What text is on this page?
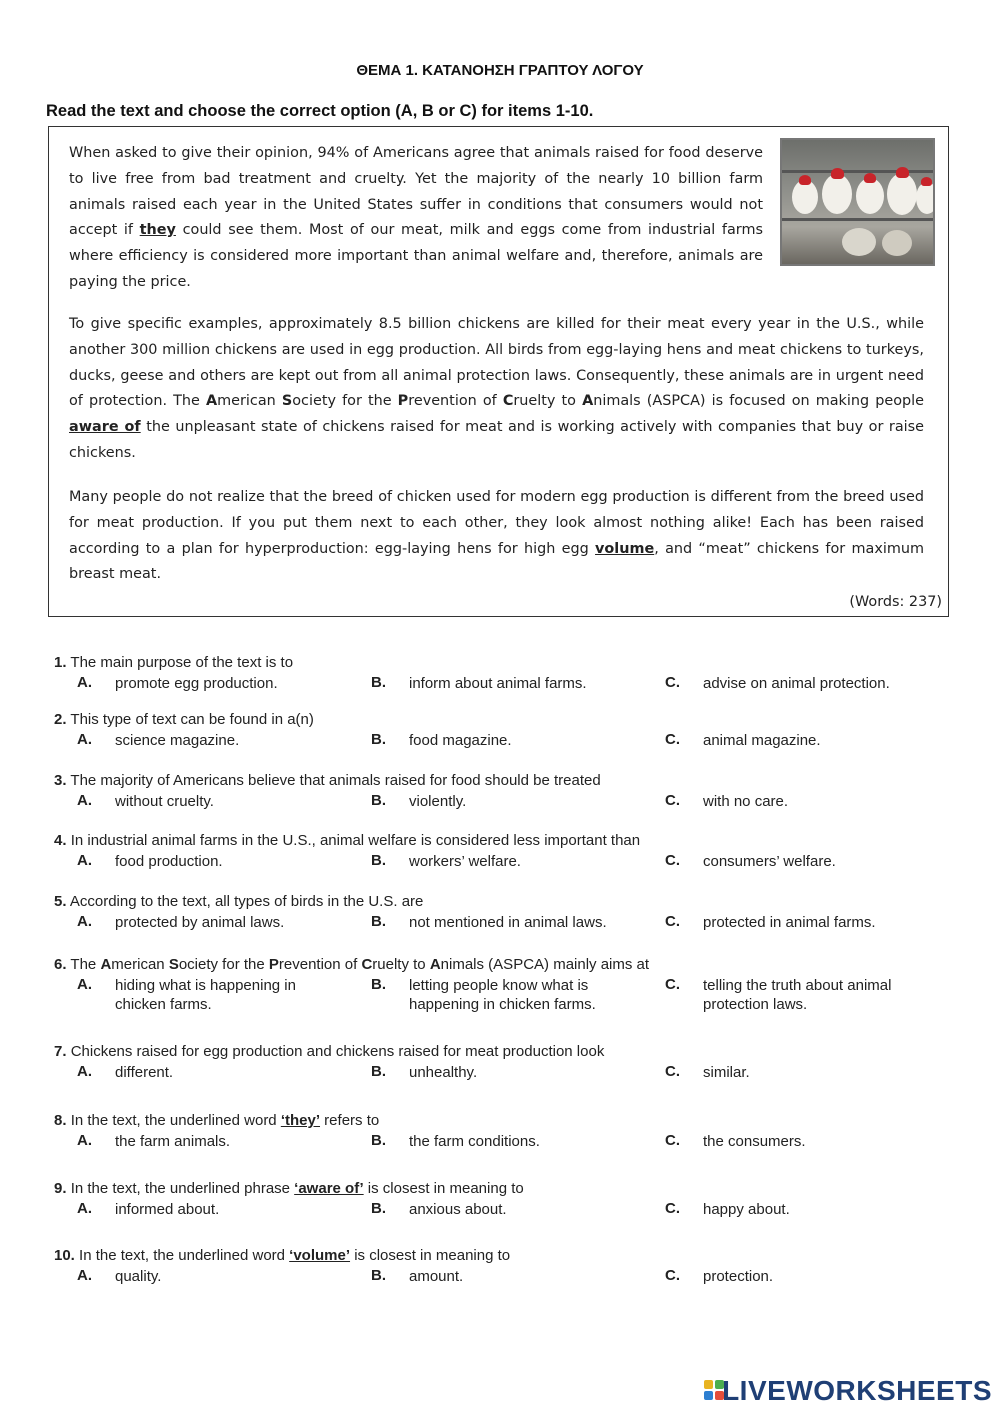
ΘΕΜΑ 1. ΚΑΤΑΝΟΗΣΗ ΓΡΑΠΤΟΥ ΛΟΓΟΥ
Read the text and choose the correct option (A, B or C) for items 1-10.

When asked to give their opinion, 94% of Americans agree that animals raised for food deserve to live free from bad treatment and cruelty. Yet the majority of the nearly 10 billion farm animals raised each year in the United States suffer in conditions that consumers would not accept if they could see them. Most of our meat, milk and eggs come from industrial farms where efficiency is considered more important than animal welfare and, therefore, animals are paying the price.

To give specific examples, approximately 8.5 billion chickens are killed for their meat every year in the U.S., while another 300 million chickens are used in egg production. All birds from egg-laying hens and meat chickens to turkeys, ducks, geese and others are kept out from all animal protection laws. Consequently, these animals are in urgent need of protection. The American Society for the Prevention of Cruelty to Animals (ASPCA) is focused on making people aware of the unpleasant state of chickens raised for meat and is working actively with companies that buy or raise chickens.

Many people do not realize that the breed of chicken used for modern egg production is different from the breed used for meat production. If you put them next to each other, they look almost nothing alike! Each has been raised according to a plan for hyperproduction: egg-laying hens for high egg volume, and “meat” chickens for maximum breast meat.

(Words: 237)
1. The main purpose of the text is to
A. promote egg production.	B. inform about animal farms.	C. advise on animal protection.
2. This type of text can be found in a(n)
A. science magazine.	B. food magazine.	C. animal magazine.
3. The majority of Americans believe that animals raised for food should be treated
A. without cruelty.	B. violently.	C. with no care.
4. In industrial animal farms in the U.S., animal welfare is considered less important than
A. food production.	B. workers’ welfare.	C. consumers’ welfare.
5. According to the text, all types of birds in the U.S. are
A. protected by animal laws.	B. not mentioned in animal laws.	C. protected in animal farms.
6. The American Society for the Prevention of Cruelty to Animals (ASPCA) mainly aims at
A. hiding what is happening in chicken farms.
B. letting people know what is happening in chicken farms.
C. telling the truth about animal protection laws.
7. Chickens raised for egg production and chickens raised for meat production look
A. different.	B. unhealthy.	C. similar.
8. In the text, the underlined word ‘they’ refers to
A. the farm animals.	B. the farm conditions.	C. the consumers.
9. In the text, the underlined phrase ‘aware of’ is closest in meaning to
A. informed about.	B. anxious about.	C. happy about.
10. In the text, the underlined word ‘volume’ is closest in meaning to
A. quality.	B. amount.	C. protection.
LIVEWORKSHEETS
